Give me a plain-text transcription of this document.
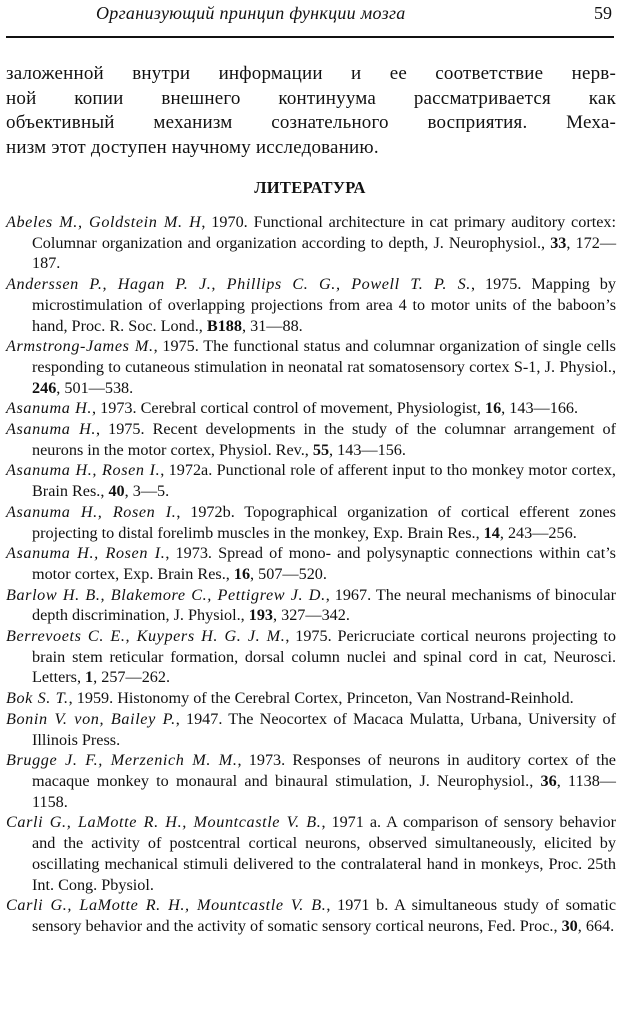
Организующий принцип функции мозга	59
заложенной внутри информации и ее соответствие нерв-
ной копии внешнего континуума рассматривается как
объективный механизм сознательного восприятия. Меха-
низм этот доступен научному исследованию.
ЛИТЕРАТУРА

Abeles M., Goldstein M. H, 1970. Functional architecture in cat primary auditory cortex: Columnar organization and organization according to depth, J. Neurophysiol., 33, 172—187.

Anderssen P., Hagan P. J., Phillips C. G., Powell T. P. S., 1975. Mapping by microstimulation of overlapping projections from area 4 to motor units of the baboon’s hand, Proc. R. Soc. Lond., B188, 31—88.

Armstrong-James M., 1975. The functional status and columnar organization of single cells responding to cutaneous stimulation in neonatal rat somatosensory cortex S-1, J. Physiol., 246, 501—538.

Asanuma H., 1973. Cerebral cortical control of movement, Physiologist, 16, 143—166.

Asanuma H., 1975. Recent developments in the study of the columnar arrangement of neurons in the motor cortex, Physiol. Rev., 55, 143—156.

Asanuma H., Rosen I., 1972a. Punctional role of afferent input to tho monkey motor cortex, Brain Res., 40, 3—5.

Asanuma H., Rosen I., 1972b. Topographical organization of cortical efferent zones projecting to distal forelimb muscles in the monkey, Exp. Brain Res., 14, 243—256.

Asanuma H., Rosen I., 1973. Spread of mono- and polysynaptic connections within cat’s motor cortex, Exp. Brain Res., 16, 507—520.

Barlow H. B., Blakemore C., Pettigrew J. D., 1967. The neural mechanisms of binocular depth discrimination, J. Physiol., 193, 327—342.

Berrevoets C. E., Kuypers H. G. J. M., 1975. Pericruciate cortical neurons projecting to brain stem reticular formation, dorsal column nuclei and spinal cord in cat, Neurosci. Letters, 1, 257—262.

Bok S. T., 1959. Histonomy of the Cerebral Cortex, Princeton, Van Nostrand-Reinhold.

Bonin V. von, Bailey P., 1947. The Neocortex of Macaca Mulatta, Urbana, University of Illinois Press.

Brugge J. F., Merzenich M. M., 1973. Responses of neurons in auditory cortex of the macaque monkey to monaural and binaural stimulation, J. Neurophysiol., 36, 1138—1158.

Carli G., LaMotte R. H., Mountcastle V. B., 1971 a. A comparison of sensory behavior and the activity of postcentral cortical neurons, observed simultaneously, elicited by oscillating mechanical stimuli delivered to the contralateral hand in monkeys, Proc. 25th Int. Cong. Pbysiol.

Carli G., LaMotte R. H., Mountcastle V. B., 1971 b. A simultaneous study of somatic sensory behavior and the activity of somatic sensory cortical neurons, Fed. Proc., 30, 664.
